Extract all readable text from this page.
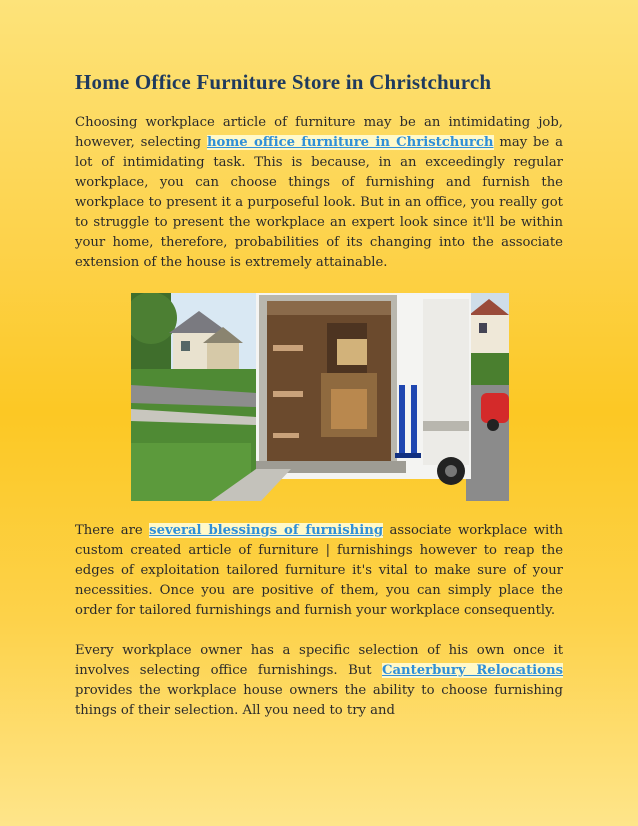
Home Office Furniture Store in Christchurch

Choosing workplace article of furniture may be an intimidating job, however, selecting home office furniture in Christchurch may be a lot of intimidating task. This is because, in an exceedingly regular workplace, you can choose things of furnishing and furnish the workplace to present it a purposeful look. But in an office, you really got to struggle to present the workplace an expert look since it'll be within your home, therefore, probabilities of its changing into the associate extension of the house is extremely attainable.

There are several blessings of furnishing associate workplace with custom created article of furniture | furnishings however to reap the edges of exploitation tailored furniture it's vital to make sure of your necessities. Once you are positive of them, you can simply place the order for tailored furnishings and furnish your workplace consequently.

Every workplace owner has a specific selection of his own once it involves selecting office furnishings. But Canterbury Relocations provides the workplace house owners the ability to choose furnishing things of their selection. All you need to try and
